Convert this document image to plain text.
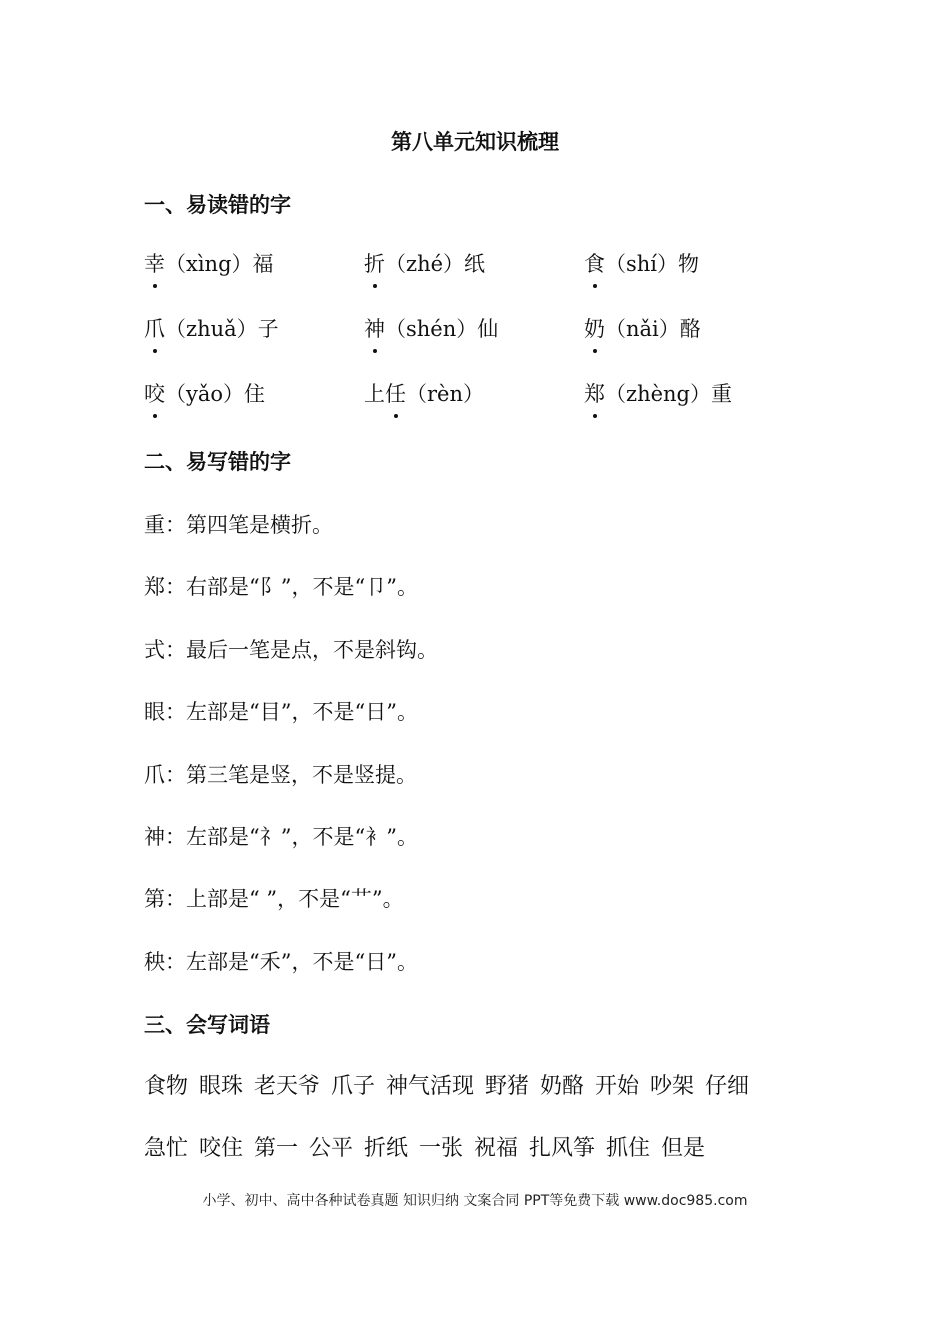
第八单元知识梳理
一、易读错的字
幸（xìng）福	折（zhé）纸	食（shí）物
爪（zhuǎ）子	神（shén）仙	奶（nǎi）酪
咬（yǎo）住	上任（rèn）	郑（zhèng）重
二、易写错的字
重：第四笔是横折。
郑：右部是“阝”，不是“卩”。
式：最后一笔是点，不是斜钩。
眼：左部是“目”，不是“日”。
爪：第三笔是竖，不是竖提。
神：左部是“礻”，不是“衤”。
第：上部是“ ”，不是“艹”。
秧：左部是“禾”，不是“日”。
三、会写词语
食物 眼珠 老天爷 爪子 神气活现 野猪 奶酪 开始 吵架 仔细
急忙 咬住 第一 公平 折纸 一张 祝福 扎风筝 抓住 但是
小学、初中、高中各种试卷真题 知识归纳 文案合同 PPT等免费下载 www.doc985.com
